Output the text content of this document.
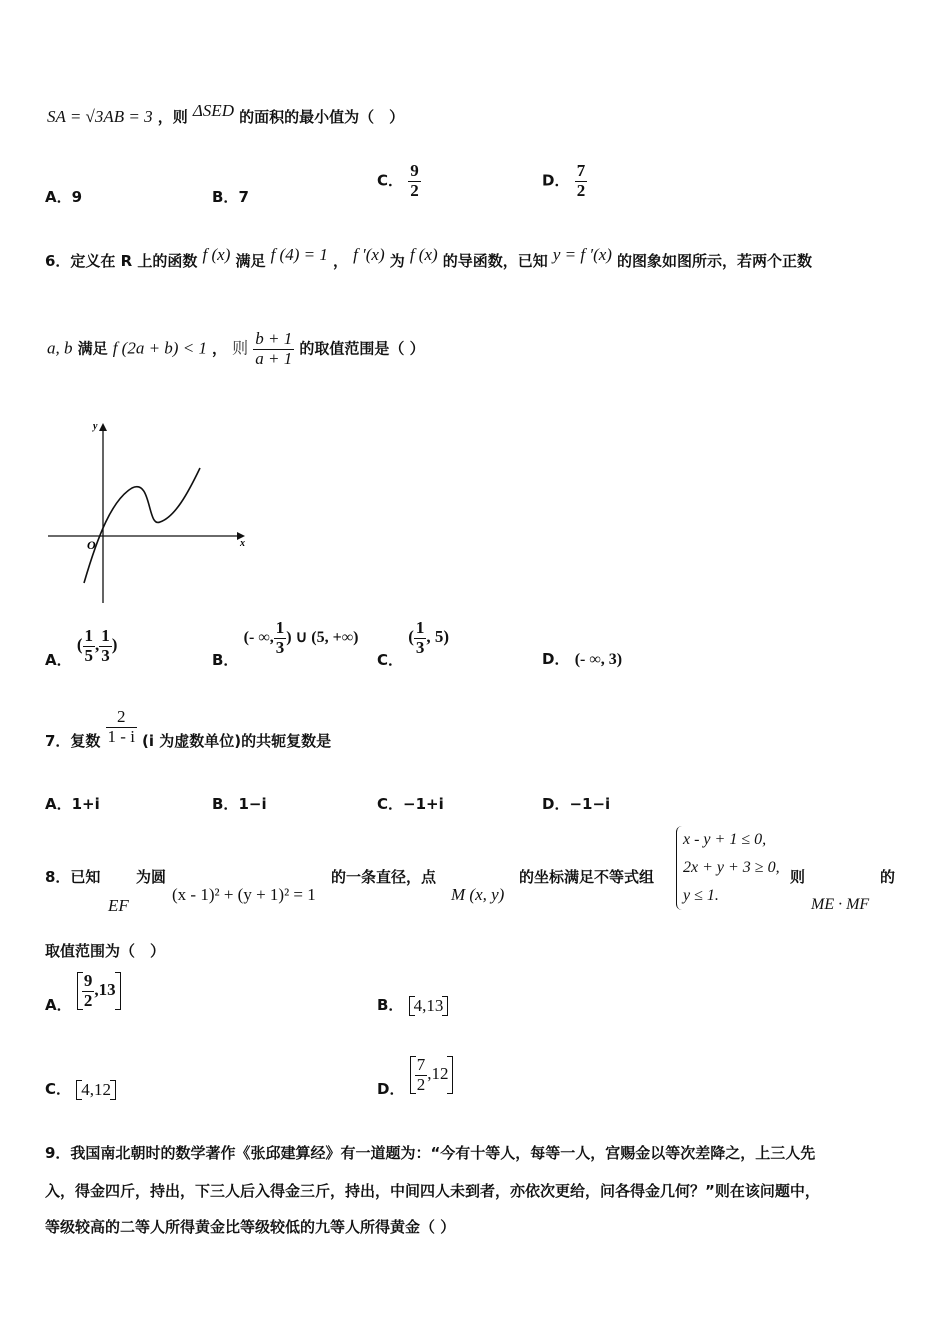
SA = √3AB = 3 ，则 ΔSED 的面积的最小值为（　）
A．9	B．7
C． $\frac{9}{2}$	D． $\frac{7}{2}$
6．定义在 R 上的函数 f (x) 满足 f (4) = 1 ， f ′(x) 为 f (x) 的导函数，已知 y = f ′(x) 的图象如图所示，若两个正数
a, b 满足 f (2a + b) < 1 ， 则 $\frac{b + 1}{a + 1}$ 的取值范围是（ ）
y
x
O
A． ( $\frac{1}{5}$ , $\frac{1}{3}$ )
B． (- ∞, $\frac{1}{3}$ ) ∪ (5, +∞)
C． ( $\frac{1}{3}$ , 5)
D． (- ∞, 3)
7．复数 $\frac{2}{1 - i} (i$ 为虚数单位)的共轭复数是
A．1+i	B．1−i	C．−1+i	D．−1−i
8．已知
EF
为圆
(x - 1)² + (y + 1)² = 1
的一条直径，点
M (x, y)
的坐标满足不等式组
x - y + 1 ≤ 0,
2x + y + 3 ≥ 0,
y ≤ 1.
则
ME · MF
的
取值范围为（　）
A． $\frac{9}{2} ,13$
B． 4,13
C． 4,12	D． $\frac{7}{2} ,12$
9．我国南北朝时的数学著作《张邱建算经》有一道题为：“今有十等人，每等一人，宫赐金以等次差降之，上三人先
入，得金四斤，持出，下三人后入得金三斤，持出，中间四人未到者，亦依次更给，问各得金几何？”则在该问题中，
等级较高的二等人所得黄金比等级较低的九等人所得黄金（ ）
